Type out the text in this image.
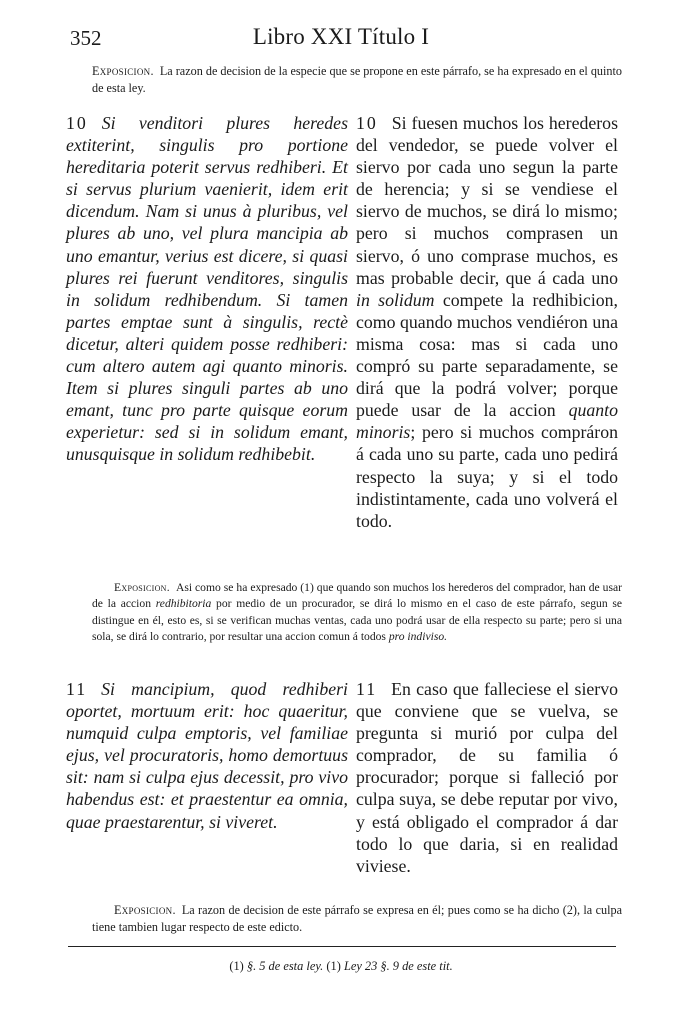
352	Libro XXI Título I
Exposicion. La razon de decision de la especie que se propone en este párrafo, se ha expresado en el quinto de esta ley.
10 Si venditori plures heredes extiterint, singulis pro portione hereditaria poterit servus redhiberi. Et si servus plurium vaenierit, idem erit dicendum. Nam si unus à pluribus, vel plures ab uno, vel plura mancipia ab uno emantur, verius est dicere, si quasi plures rei fuerunt venditores, singulis in solidum redhibendum. Si tamen partes emptae sunt à singulis, rectè dicetur, alteri quidem posse redhiberi: cum altero autem agi quanto minoris. Item si plures singuli partes ab uno emant, tunc pro parte quisque eorum experietur: sed si in solidum emant, unusquisque in solidum redhibebit.
10 Si fuesen muchos los herederos del vendedor, se puede volver el siervo por cada uno segun la parte de herencia; y si se vendiese el siervo de muchos, se dirá lo mismo; pero si muchos comprasen un siervo, ó uno comprase muchos, es mas probable decir, que á cada uno in solidum compete la redhibicion, como quando muchos vendiéron una misma cosa: mas si cada uno compró su parte separadamente, se dirá que la podrá volver; porque puede usar de la accion quanto minoris; pero si muchos compráron á cada uno su parte, cada uno pedirá respecto la suya; y si el todo indistintamente, cada uno volverá el todo.
Exposicion. Asi como se ha expresado (1) que quando son muchos los herederos del comprador, han de usar de la accion redhibitoria por medio de un procurador, se dirá lo mismo en el caso de este párrafo, segun se distingue en él, esto es, si se verifican muchas ventas, cada uno podrá usar de ella respecto su parte; pero si una sola, se dirá lo contrario, por resultar una accion comun á todos pro indiviso.
11 Si mancipium, quod redhiberi oportet, mortuum erit: hoc quaeritur, numquid culpa emptoris, vel familiae ejus, vel procuratoris, homo demortuus sit: nam si culpa ejus decessit, pro vivo habendus est: et praestentur ea omnia, quae praestarentur, si viveret.
11 En caso que falleciese el siervo que conviene que se vuelva, se pregunta si murió por culpa del comprador, de su familia ó procurador; porque si falleció por culpa suya, se debe reputar por vivo, y está obligado el comprador á dar todo lo que daria, si en realidad viviese.
Exposicion. La razon de decision de este párrafo se expresa en él; pues como se ha dicho (2), la culpa tiene tambien lugar respecto de este edicto.
(1) §. 5 de esta ley. (1) Ley 23 §. 9 de este tit.
